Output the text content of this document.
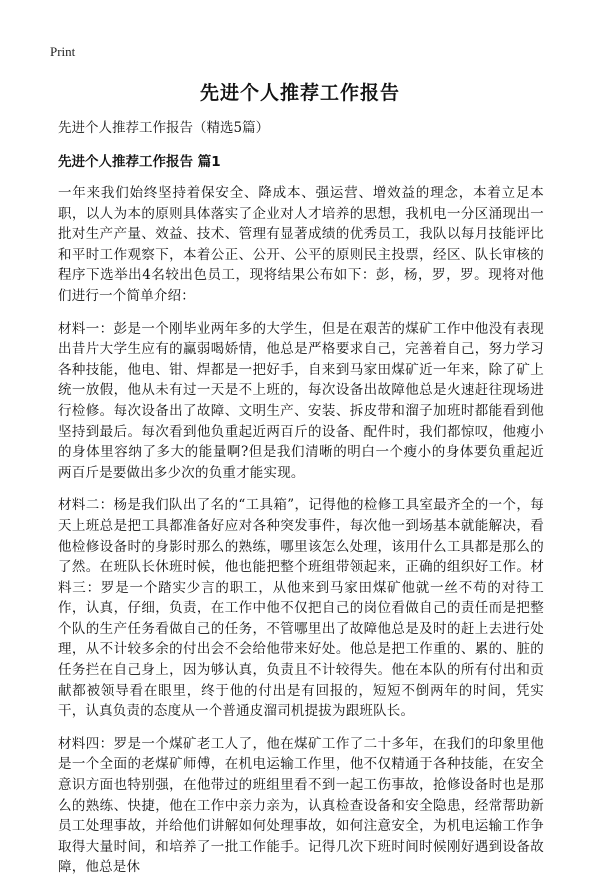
Print
先进个人推荐工作报告

先进个人推荐工作报告（精选5篇）

先进个人推荐工作报告 篇1

一年来我们始终坚持着保安全、降成本、强运营、增效益的理念，本着立足本职，以人为本的原则具体落实了企业对人才培养的思想，我机电一分区涌现出一批对生产产量、效益、技术、管理有显著成绩的优秀员工，我队以每月技能评比和平时工作观察下，本着公正、公开、公平的原则民主投票，经区、队长审核的程序下选举出4名较出色员工，现将结果公布如下：彭，杨，罗，罗。现将对他们进行一个简单介绍：

材料一：彭是一个刚毕业两年多的大学生，但是在艰苦的煤矿工作中他没有表现出昔片大学生应有的赢弱喝娇情，他总是严格要求自己，完善着自己，努力学习各种技能，他电、钳、焊都是一把好手，自来到马家田煤矿近一年来，除了矿上统一放假，他从未有过一天是不上班的，每次设备出故障他总是火速赶往现场进行检修。每次设备出了故障、文明生产、安装、拆皮带和溜子加班时都能看到他坚持到最后。每次看到他负重起近两百斤的设备、配件时，我们都惊叹，他瘦小的身体里容纳了多大的能量啊?但是我们清晰的明白一个瘦小的身体要负重起近两百斤是要做出多少次的负重才能实现。

材料二：杨是我们队出了名的“工具箱”，记得他的检修工具室最齐全的一个，每天上班总是把工具都准备好应对各种突发事件，每次他一到场基本就能解决，看他检修设备时的身影时那么的熟练，哪里该怎么处理，该用什么工具都是那么的了然。在班队长休班时候，他也能把整个班组带领起来，正确的组织好工作。材料三：罗是一个踏实少言的职工，从他来到马家田煤矿他就一丝不苟的对待工作，认真，仔细，负责，在工作中他不仅把自己的岗位看做自己的责任而是把整个队的生产任务看做自己的任务，不管哪里出了故障他总是及时的赶上去进行处理，从不计较多余的付出会不会给他带来好处。他总是把工作重的、累的、脏的任务拦在自己身上，因为够认真，负责且不计较得失。他在本队的所有付出和贡献都被领导看在眼里，终于他的付出是有回报的，短短不倒两年的时间，凭实干，认真负责的态度从一个普通皮溜司机提拔为跟班队长。

材料四：罗是一个煤矿老工人了，他在煤矿工作了二十多年，在我们的印象里他是一个全面的老煤矿师傅，在机电运输工作里，他不仅精通于各种技能，在安全意识方面也特别强，在他带过的班组里看不到一起工伤事故，抢修设备时也是那么的熟练、快捷，他在工作中亲力亲为，认真检查设备和安全隐患，经常帮助新员工处理事故，并给他们讲解如何处理事故，如何注意安全，为机电运输工作争取得大量时间，和培养了一批工作能手。记得几次下班时间时候刚好遇到设备故障，他总是休
